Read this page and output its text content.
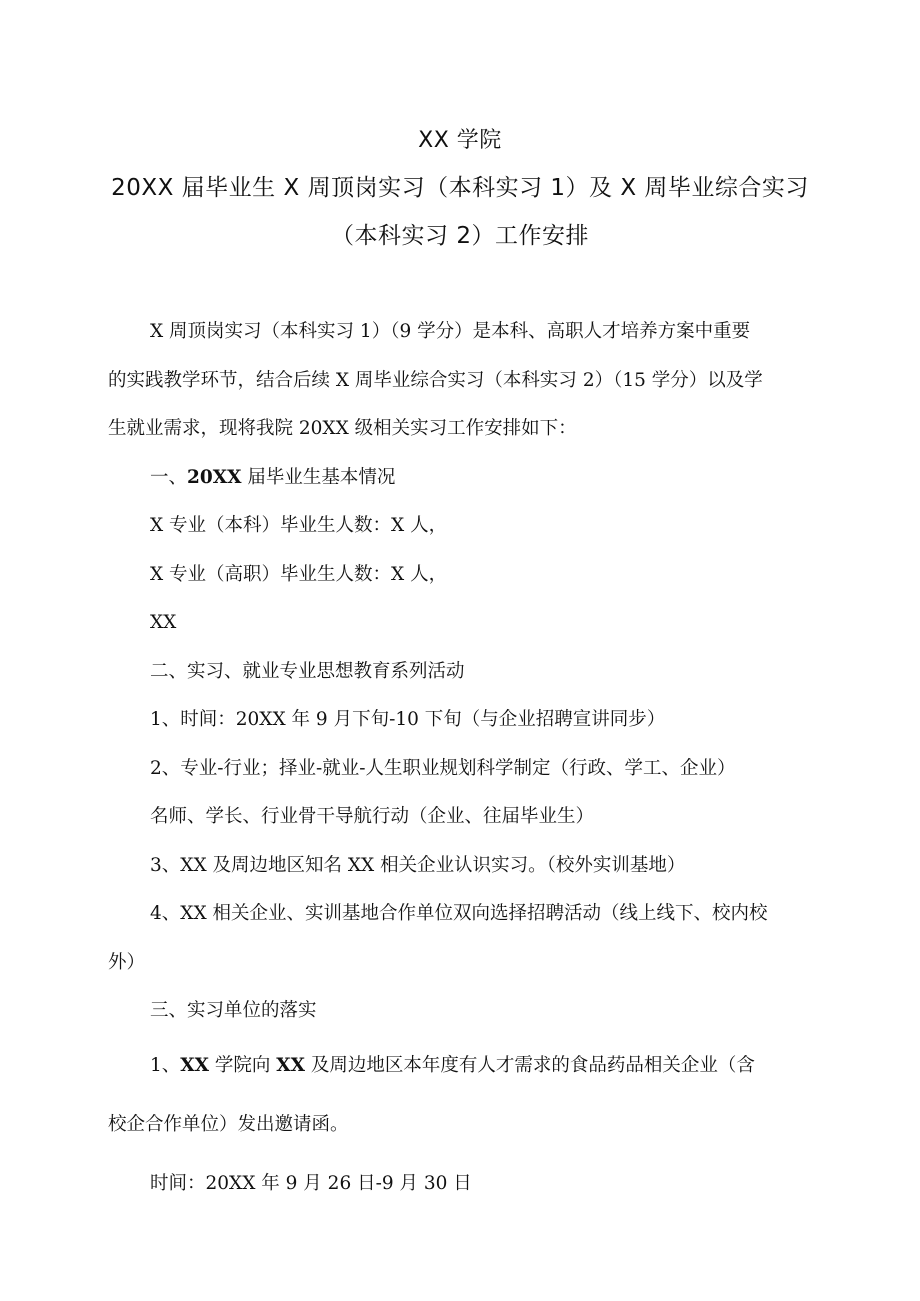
XX 学院
20XX 届毕业生 X 周顶岗实习（本科实习 1）及 X 周毕业综合实习
（本科实习 2）工作安排

X 周顶岗实习（本科实习 1）（9 学分）是本科、高职人才培养方案中重要

的实践教学环节，结合后续 X 周毕业综合实习（本科实习 2）（15 学分）以及学

生就业需求，现将我院 20XX 级相关实习工作安排如下：

一、20XX 届毕业生基本情况

X 专业（本科）毕业生人数：X 人，

X 专业（高职）毕业生人数：X 人，

XX

二、实习、就业专业思想教育系列活动

1、时间：20XX 年 9 月下旬-10 下旬（与企业招聘宣讲同步）

2、专业-行业；择业-就业-人生职业规划科学制定（行政、学工、企业）

名师、学长、行业骨干导航行动（企业、往届毕业生）

3、XX 及周边地区知名 XX 相关企业认识实习。（校外实训基地）

4、XX 相关企业、实训基地合作单位双向选择招聘活动（线上线下、校内校

外）

三、实习单位的落实

1、XX 学院向 XX 及周边地区本年度有人才需求的食品药品相关企业（含

校企合作单位）发出邀请函。

时间：20XX 年 9 月 26 日-9 月 30 日
